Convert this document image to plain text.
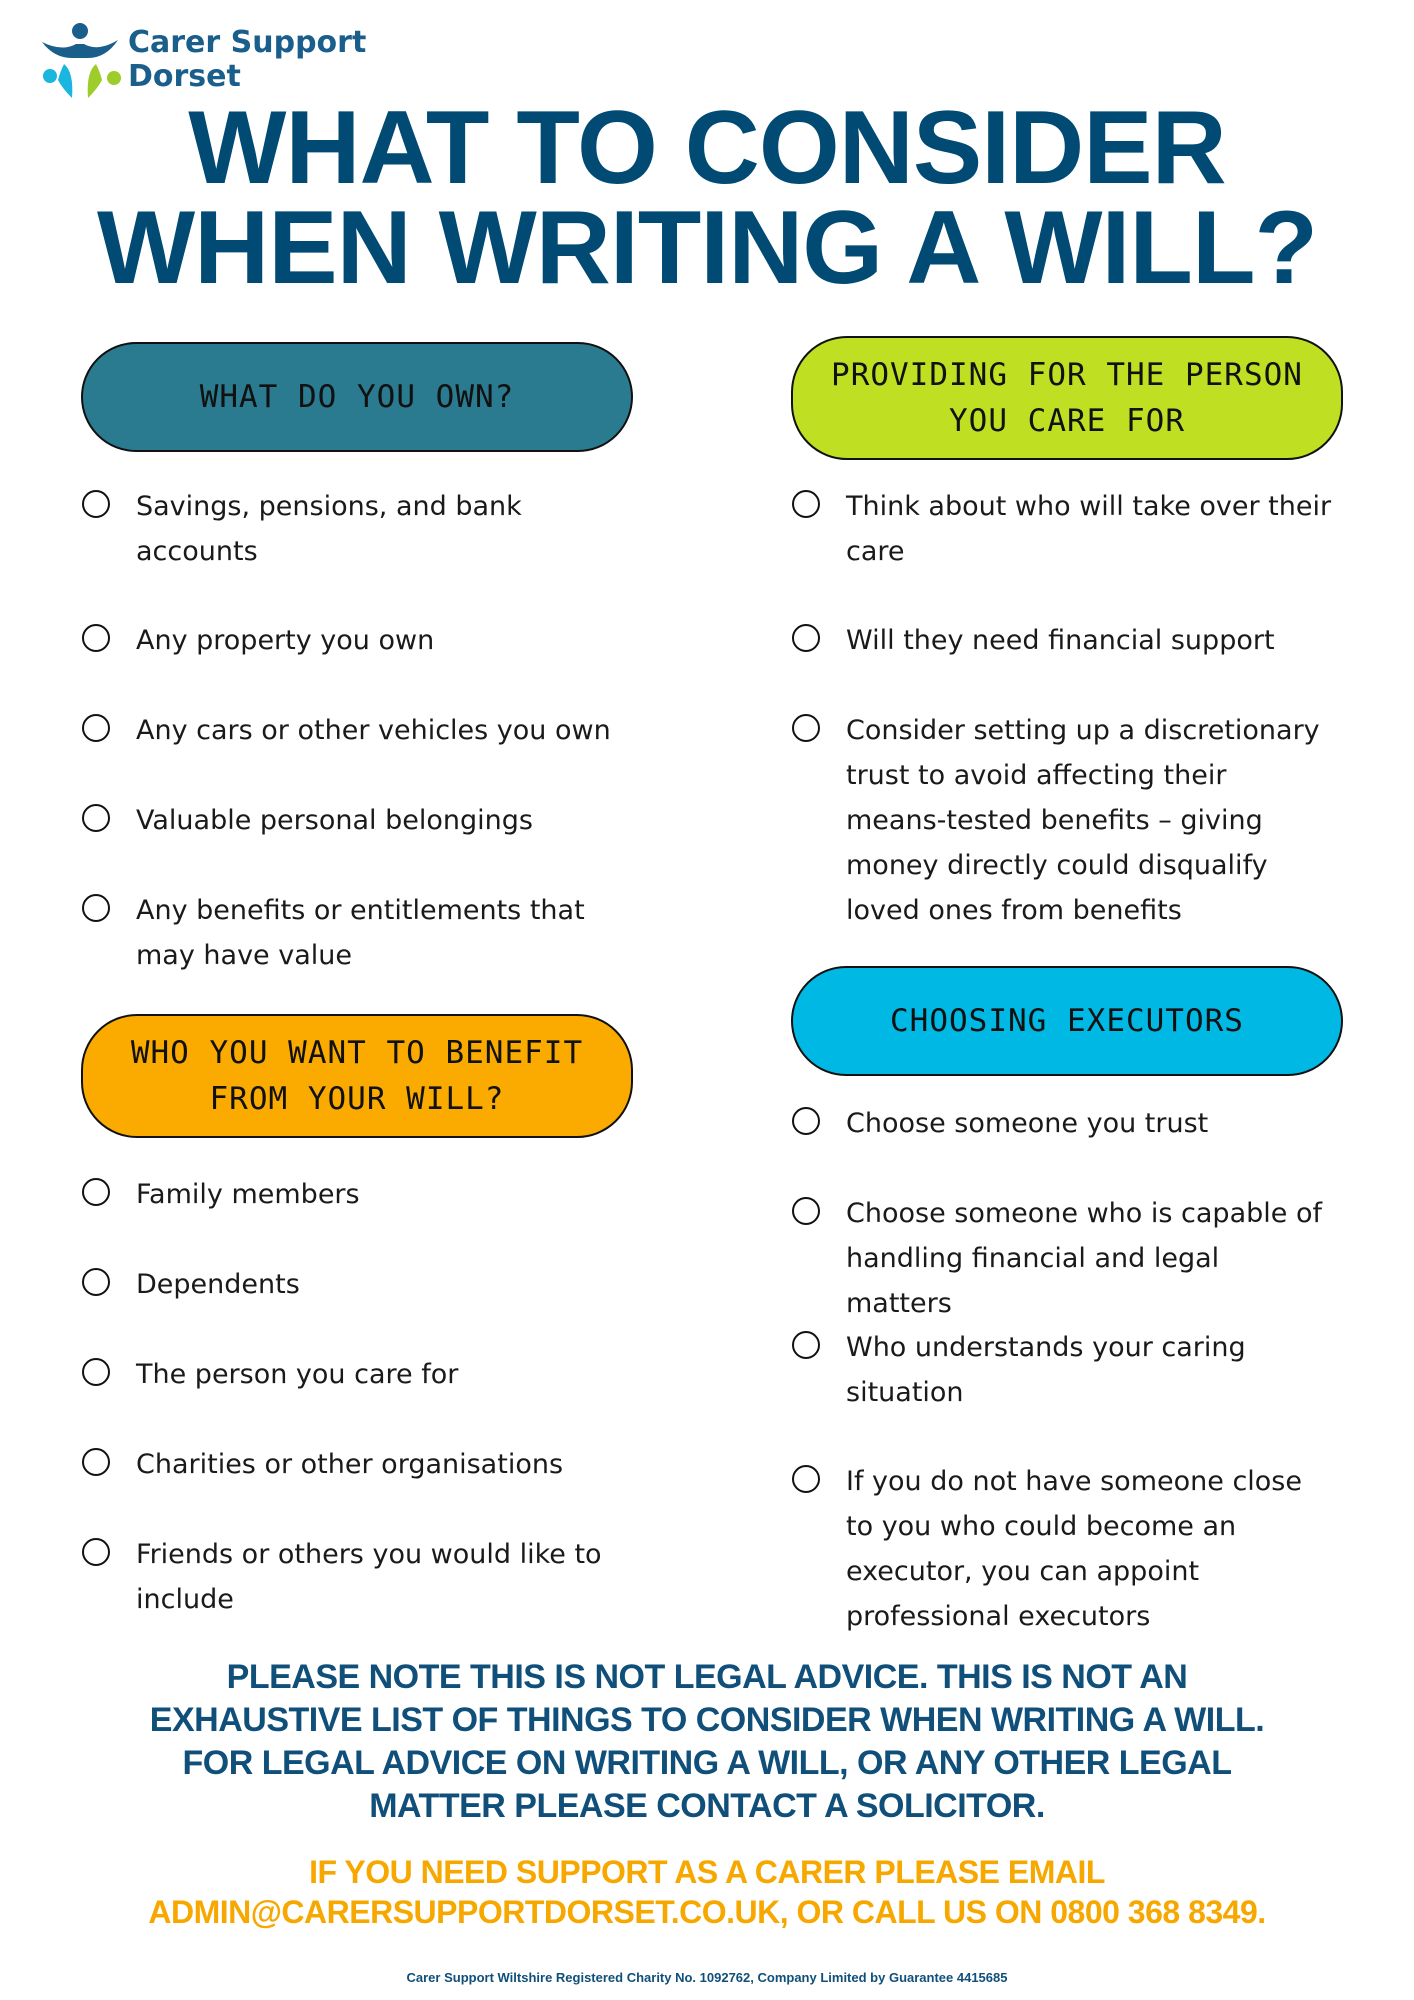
Carer Support
Dorset
WHAT TO CONSIDER
WHEN WRITING A WILL?
WHAT DO YOU OWN?
Savings, pensions, and bank accounts
Any property you own
Any cars or other vehicles you own
Valuable personal belongings
Any benefits or entitlements that may have value
WHO YOU WANT TO BENEFIT
FROM YOUR WILL?
Family members
Dependents
The person you care for
Charities or other organisations
Friends or others you would like to include
PROVIDING FOR THE PERSON
YOU CARE FOR
Think about who will take over their care
Will they need financial support
Consider setting up a discretionary trust to avoid affecting their means-tested benefits – giving money directly could disqualify loved ones from benefits
CHOOSING EXECUTORS
Choose someone you trust
Choose someone who is capable of handling financial and legal matters
Who understands your caring situation
If you do not have someone close to you who could become an executor, you can appoint professional executors
PLEASE NOTE THIS IS NOT LEGAL ADVICE. THIS IS NOT AN
EXHAUSTIVE LIST OF THINGS TO CONSIDER WHEN WRITING A WILL.
FOR LEGAL ADVICE ON WRITING A WILL, OR ANY OTHER LEGAL
MATTER PLEASE CONTACT A SOLICITOR.
IF YOU NEED SUPPORT AS A CARER PLEASE EMAIL
ADMIN@CARERSUPPORTDORSET.CO.UK, OR CALL US ON 0800 368 8349.
Carer Support Wiltshire Registered Charity No. 1092762, Company Limited by Guarantee 4415685
